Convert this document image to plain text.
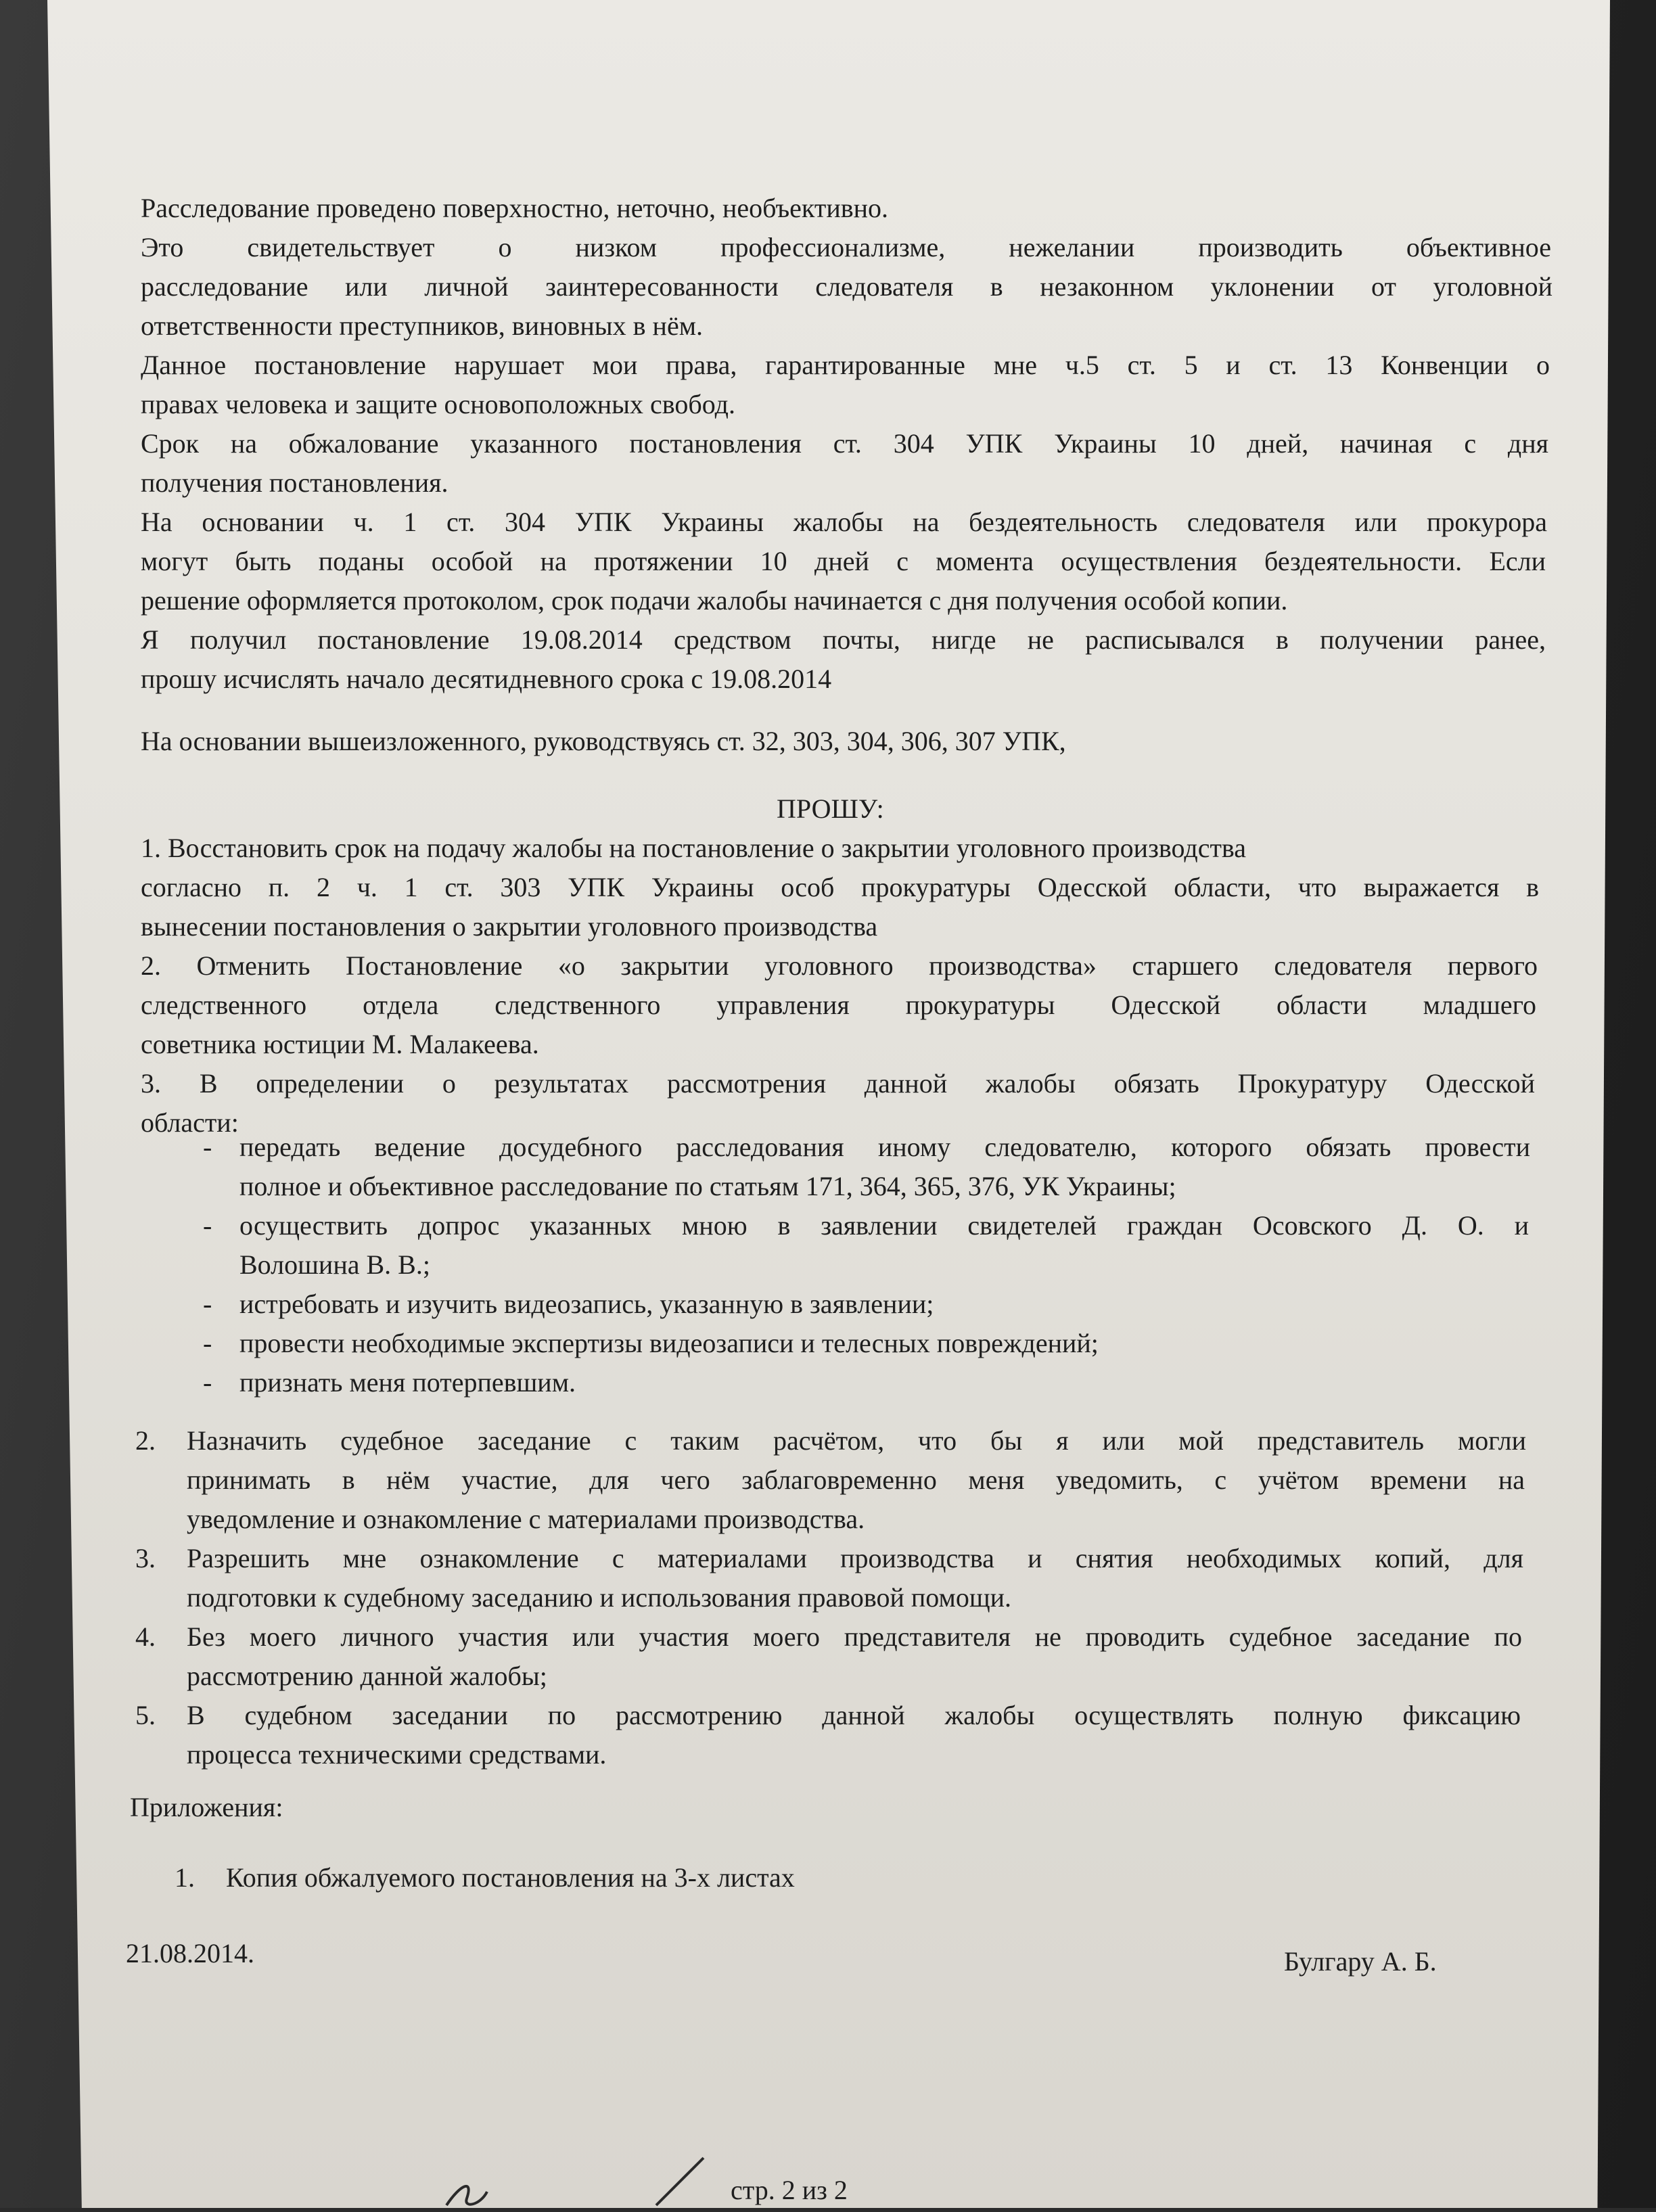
Расследование проведено поверхностно, неточно, необъективно.
Это свидетельствует о низком профессионализме, нежелании производить объективное
расследование или личной заинтересованности следователя в незаконном уклонении от уголовной
ответственности преступников, виновных в нём.
Данное постановление нарушает мои права, гарантированные мне ч.5 ст. 5 и ст. 13 Конвенции о
правах человека и защите основоположных свобод.
Срок на обжалование указанного постановления ст. 304 УПК Украины 10 дней, начиная с дня
получения постановления.
На основании ч. 1 ст. 304 УПК Украины жалобы на бездеятельность следователя или прокурора
могут быть поданы особой на протяжении 10 дней с момента осуществления бездеятельности. Если
решение оформляется протоколом, срок подачи жалобы начинается с дня получения особой копии.
Я получил постановление 19.08.2014 средством почты, нигде не расписывался в получении ранее,
прошу исчислять начало десятидневного срока с 19.08.2014
На основании вышеизложенного, руководствуясь ст. 32, 303, 304, 306, 307 УПК,
ПРОШУ:
1. Восстановить срок на подачу жалобы на постановление о закрытии уголовного производства
согласно п. 2 ч. 1 ст. 303 УПК Украины особ прокуратуры Одесской области, что выражается в
вынесении постановления о закрытии уголовного производства
2. Отменить Постановление «о закрытии уголовного производства» старшего следователя первого
следственного отдела следственного управления прокуратуры Одесской области младшего
советника юстиции М. Малакеева.
3. В определении о результатах рассмотрения данной жалобы обязать Прокуратуру Одесской
области:
- передать ведение досудебного расследования иному следователю, которого обязать провести
полное и объективное расследование по статьям 171, 364, 365, 376, УК Украины;
- осуществить допрос указанных мною в заявлении свидетелей граждан Осовского Д. О. и
Волошина В. В.;
- истребовать и изучить видеозапись, указанную в заявлении;
- провести необходимые экспертизы видеозаписи и телесных повреждений;
- признать меня потерпевшим.
2. Назначить судебное заседание с таким расчётом, что бы я или мой представитель могли
принимать в нём участие, для чего заблаговременно меня уведомить, с учётом времени на
уведомление и ознакомление с материалами производства.
3. Разрешить мне ознакомление с материалами производства и снятия необходимых копий, для
подготовки к судебному заседанию и использования правовой помощи.
4. Без моего личного участия или участия моего представителя не проводить судебное заседание по
рассмотрению данной жалобы;
5. В судебном заседании по рассмотрению данной жалобы осуществлять полную фиксацию
процесса техническими средствами.
Приложения:
1. Копия обжалуемого постановления на 3-х листах
21.08.2014.	Булгару А. Б.
стр. 2 из 2
